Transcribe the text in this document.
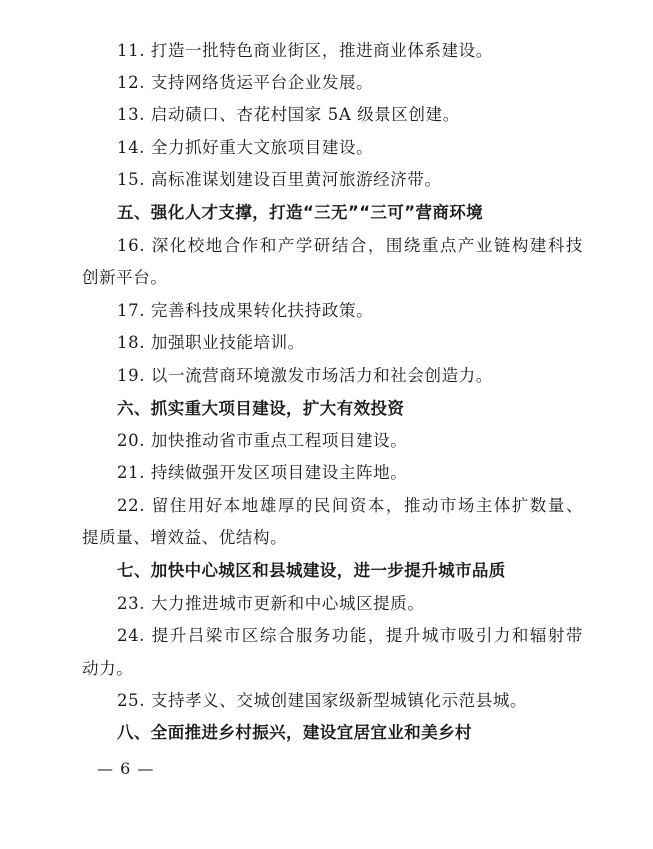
11. 打造一批特色商业街区，推进商业体系建设。
12. 支持网络货运平台企业发展。
13. 启动碛口、杏花村国家 5A 级景区创建。
14. 全力抓好重大文旅项目建设。
15. 高标准谋划建设百里黄河旅游经济带。
五、强化人才支撑，打造“三无”“三可”营商环境
16. 深化校地合作和产学研结合，围绕重点产业链构建科技
创新平台。
17. 完善科技成果转化扶持政策。
18. 加强职业技能培训。
19. 以一流营商环境激发市场活力和社会创造力。
六、抓实重大项目建设，扩大有效投资
20. 加快推动省市重点工程项目建设。
21. 持续做强开发区项目建设主阵地。
22. 留住用好本地雄厚的民间资本，推动市场主体扩数量、
提质量、增效益、优结构。
七、加快中心城区和县城建设，进一步提升城市品质
23. 大力推进城市更新和中心城区提质。
24. 提升吕梁市区综合服务功能，提升城市吸引力和辐射带
动力。
25. 支持孝义、交城创建国家级新型城镇化示范县城。
八、全面推进乡村振兴，建设宜居宜业和美乡村
— 6 —
